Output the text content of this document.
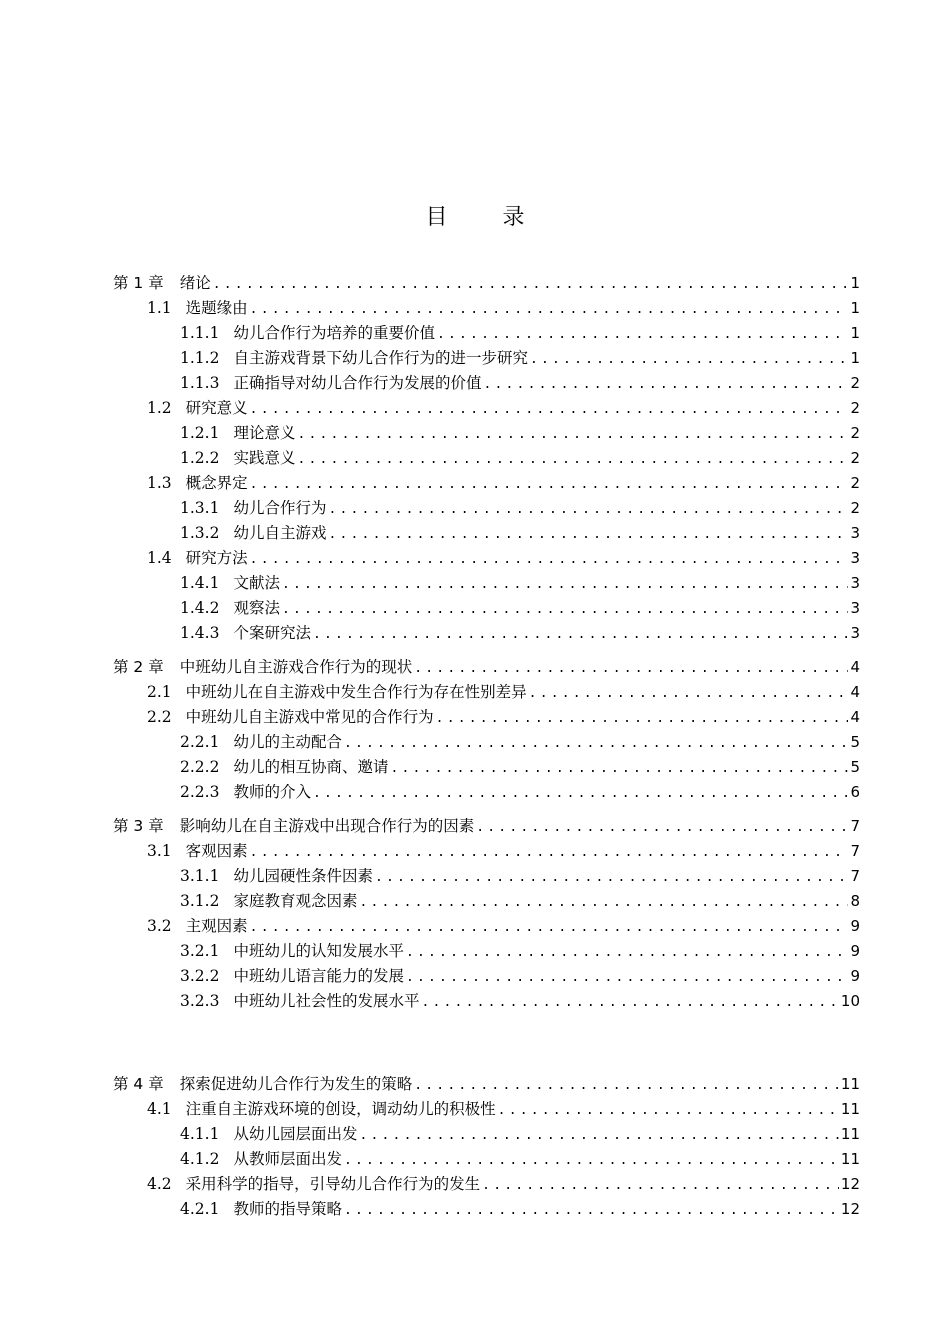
目 录
第 1 章 绪论 .....	1
1.1 选题缘由 .....	1
1.1.1 幼儿合作行为培养的重要价值 .....	1
1.1.2 自主游戏背景下幼儿合作行为的进一步研究 .....	1
1.1.3 正确指导对幼儿合作行为发展的价值 .....	2
1.2 研究意义 .....	2
1.2.1 理论意义 .....	2
1.2.2 实践意义 .....	2
1.3 概念界定 .....	2
1.3.1 幼儿合作行为 .....	2
1.3.2 幼儿自主游戏 .....	3
1.4 研究方法 .....	3
1.4.1 文献法 .....	3
1.4.2 观察法 .....	3
1.4.3 个案研究法 .....	3
第 2 章 中班幼儿自主游戏合作行为的现状 .....	4
2.1 中班幼儿在自主游戏中发生合作行为存在性别差异 .....	4
2.2 中班幼儿自主游戏中常见的合作行为 .....	4
2.2.1 幼儿的主动配合 .....	5
2.2.2 幼儿的相互协商、邀请 .....	5
2.2.3 教师的介入 .....	6
第 3 章 影响幼儿在自主游戏中出现合作行为的因素 .....	7
3.1 客观因素 .....	7
3.1.1 幼儿园硬性条件因素 .....	7
3.1.2 家庭教育观念因素 .....	8
3.2 主观因素 .....	9
3.2.1 中班幼儿的认知发展水平 .....	9
3.2.2 中班幼儿语言能力的发展 .....	9
3.2.3 中班幼儿社会性的发展水平 .....	10
第 4 章 探索促进幼儿合作行为发生的策略 .....	11
4.1 注重自主游戏环境的创设，调动幼儿的积极性 .....	11
4.1.1 从幼儿园层面出发 .....	11
4.1.2 从教师层面出发 .....	11
4.2 采用科学的指导，引导幼儿合作行为的发生 .....	12
4.2.1 教师的指导策略 .....	12
